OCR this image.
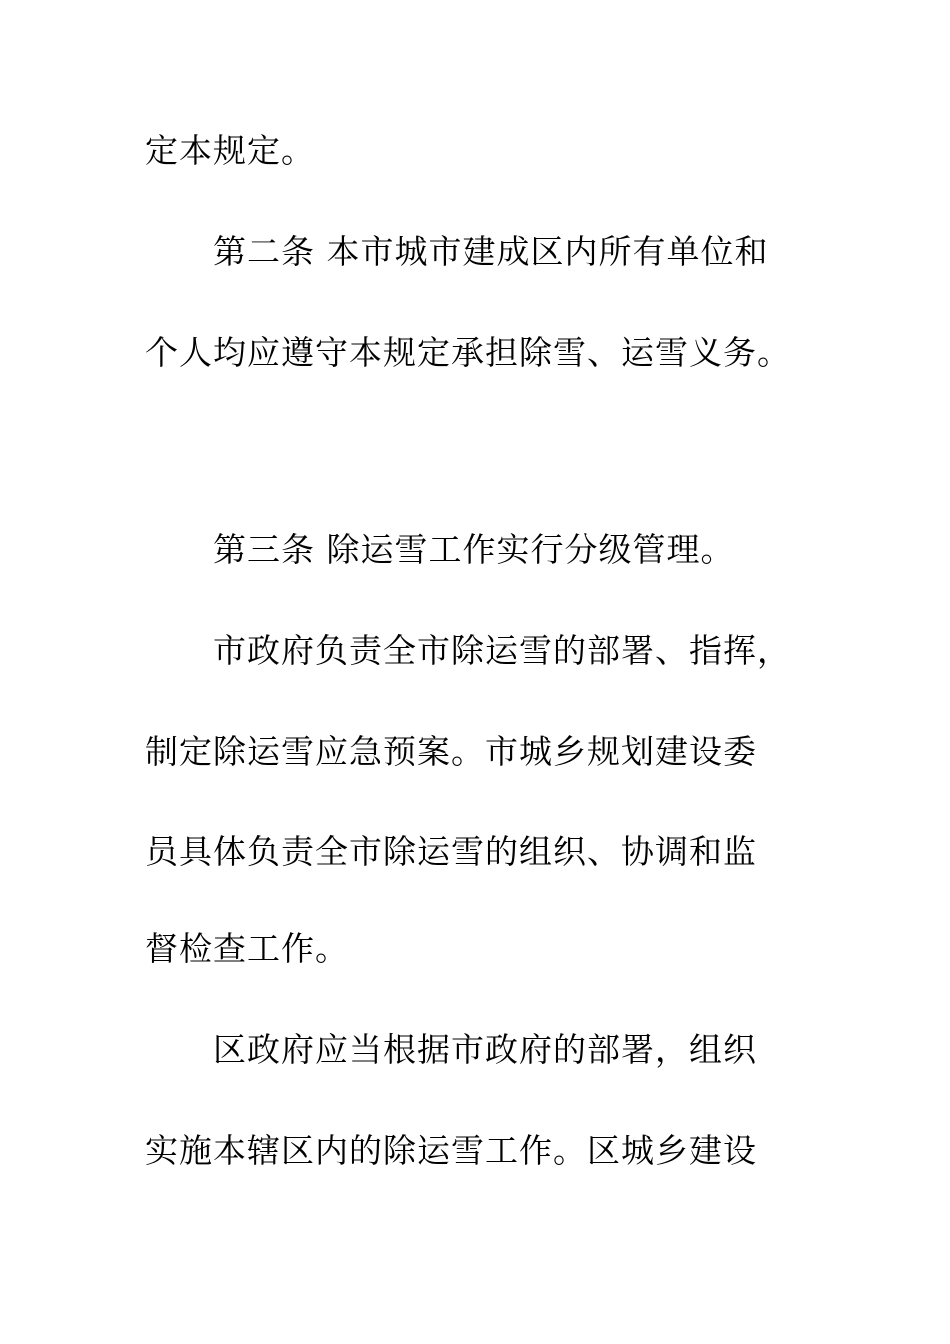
定本规定。
第二条 本市城市建成区内所有单位和
个人均应遵守本规定承担除雪、运雪义务。
第三条 除运雪工作实行分级管理。
市政府负责全市除运雪的部署、指挥，
制定除运雪应急预案。市城乡规划建设委
员具体负责全市除运雪的组织、协调和监
督检查工作。
区政府应当根据市政府的部署，组织
实施本辖区内的除运雪工作。区城乡建设
